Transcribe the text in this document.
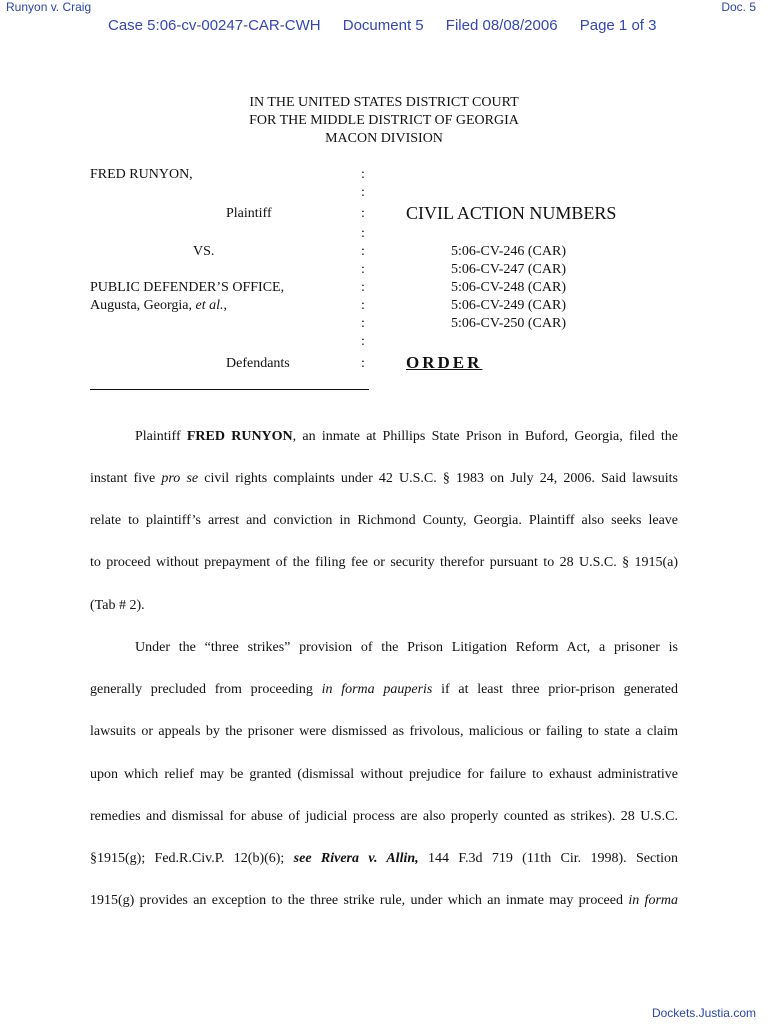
Runyon v. Craig	Doc. 5
Case 5:06-cv-00247-CAR-CWH Document 5 Filed 08/08/2006 Page 1 of 3
IN THE UNITED STATES DISTRICT COURT
FOR THE MIDDLE DISTRICT OF GEORGIA
MACON DIVISION
FRED RUNYON,
Plaintiff
VS.
PUBLIC DEFENDER’S OFFICE,
Augusta, Georgia, et al.,
Defendants
:
:
:
:
:
:
:
:
:
:
:
CIVIL ACTION NUMBERS
5:06-CV-246 (CAR)
5:06-CV-247 (CAR)
5:06-CV-248 (CAR)
5:06-CV-249 (CAR)
5:06-CV-250 (CAR)
ORDER
Plaintiff FRED RUNYON, an inmate at Phillips State Prison in Buford, Georgia, filed the
instant five pro se civil rights complaints under 42 U.S.C. § 1983 on July 24, 2006. Said lawsuits
relate to plaintiff’s arrest and conviction in Richmond County, Georgia. Plaintiff also seeks leave
to proceed without prepayment of the filing fee or security therefor pursuant to 28 U.S.C. § 1915(a)
(Tab # 2).
Under the “three strikes” provision of the Prison Litigation Reform Act, a prisoner is
generally precluded from proceeding in forma pauperis if at least three prior-prison generated
lawsuits or appeals by the prisoner were dismissed as frivolous, malicious or failing to state a claim
upon which relief may be granted (dismissal without prejudice for failure to exhaust administrative
remedies and dismissal for abuse of judicial process are also properly counted as strikes). 28 U.S.C.
§1915(g); Fed.R.Civ.P. 12(b)(6); see Rivera v. Allin, 144 F.3d 719 (11th Cir. 1998). Section
1915(g) provides an exception to the three strike rule, under which an inmate may proceed in forma
Dockets.Justia.com
